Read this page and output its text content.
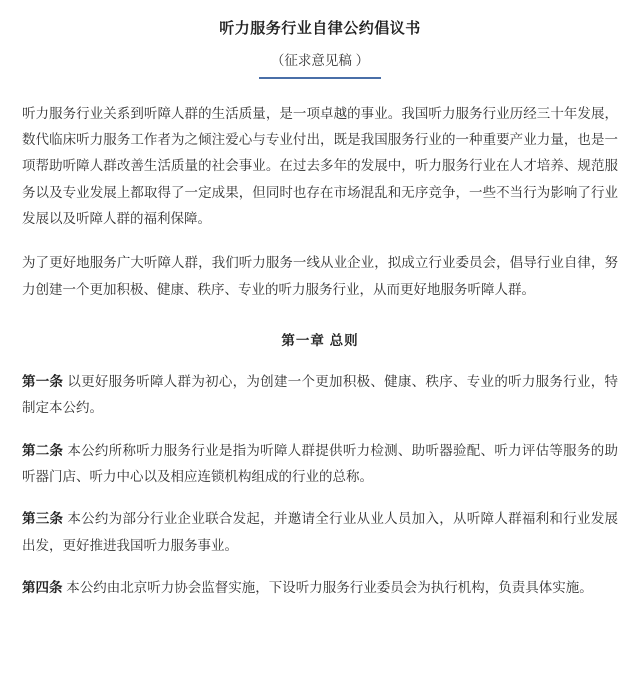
听力服务行业自律公约倡议书
（征求意见稿 ）

听力服务行业关系到听障人群的生活质量，是一项卓越的事业。我国听力服务行业历经三十年发展，数代临床听力服务工作者为之倾注爱心与专业付出，既是我国服务行业的一种重要产业力量，也是一项帮助听障人群改善生活质量的社会事业。在过去多年的发展中，听力服务行业在人才培养、规范服务以及专业发展上都取得了一定成果，但同时也存在市场混乱和无序竞争，一些不当行为影响了行业发展以及听障人群的福利保障。

为了更好地服务广大听障人群，我们听力服务一线从业企业，拟成立行业委员会，倡导行业自律，努力创建一个更加积极、健康、秩序、专业的听力服务行业，从而更好地服务听障人群。

第一章 总则

第一条 以更好服务听障人群为初心，为创建一个更加积极、健康、秩序、专业的听力服务行业，特制定本公约。

第二条 本公约所称听力服务行业是指为听障人群提供听力检测、助听器验配、听力评估等服务的助听器门店、听力中心以及相应连锁机构组成的行业的总称。

第三条 本公约为部分行业企业联合发起，并邀请全行业从业人员加入，从听障人群福利和行业发展出发，更好推进我国听力服务事业。

第四条 本公约由北京听力协会监督实施，下设听力服务行业委员会为执行机构，负责具体实施。
